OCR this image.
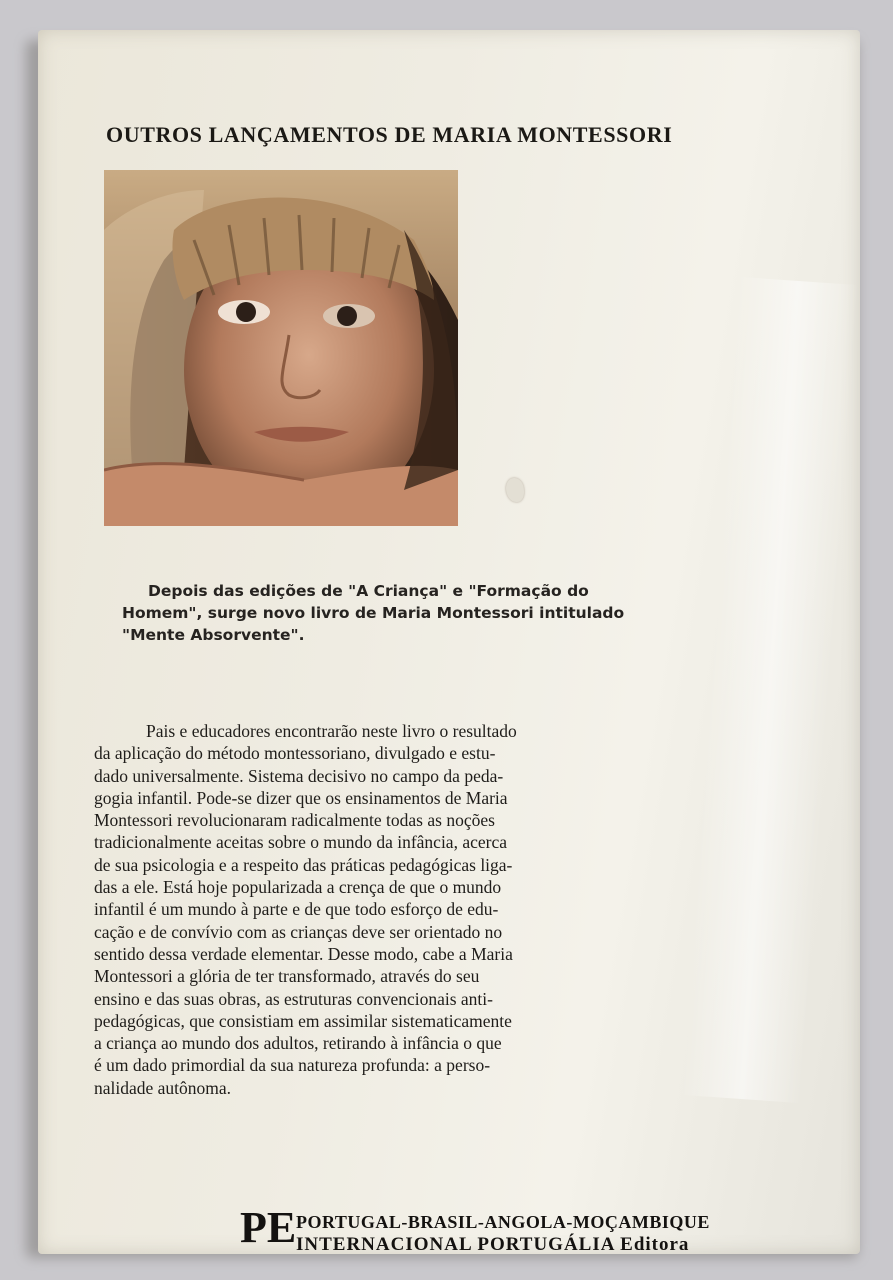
OUTROS LANÇAMENTOS DE MARIA MONTESSORI
Depois das edições de "A Criança" e "Formação do
Homem", surge novo livro de Maria Montessori intitulado
"Mente Absorvente".
Pais e educadores encontrarão neste livro o resultado
da aplicação do método montessoriano, divulgado e estu-
dado universalmente. Sistema decisivo no campo da peda-
gogia infantil. Pode-se dizer que os ensinamentos de Maria
Montessori revolucionaram radicalmente todas as noções
tradicionalmente aceitas sobre o mundo da infância, acerca
de sua psicologia e a respeito das práticas pedagógicas liga-
das a ele. Está hoje popularizada a crença de que o mundo
infantil é um mundo à parte e de que todo esforço de edu-
cação e de convívio com as crianças deve ser orientado no
sentido dessa verdade elementar. Desse modo, cabe a Maria
Montessori a glória de ter transformado, através do seu
ensino e das suas obras, as estruturas convencionais anti-
pedagógicas, que consistiam em assimilar sistematicamente
a criança ao mundo dos adultos, retirando à infância o que
é um dado primordial da sua natureza profunda: a perso-
nalidade autônoma.
PE PORTUGAL-BRASIL-ANGOLA-MOÇAMBIQUE
INTERNACIONAL PORTUGÁLIA Editora
